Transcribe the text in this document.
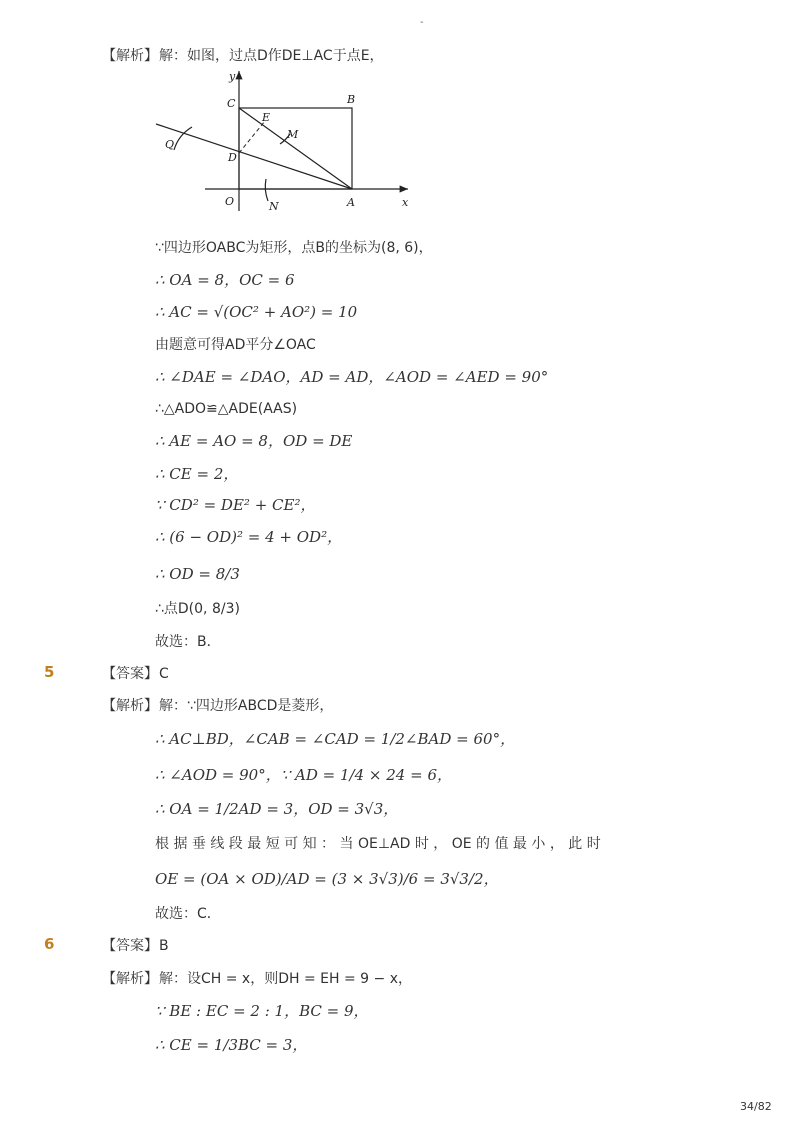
-
【解析】 解：如图，过点D作DE⊥AC于点E，
y
x
C	B
E
M
Q
D
O	N	A
∵四边形OABC为矩形，点B的坐标为(8, 6)，
∴ OA = 8，OC = 6
∴ AC = √(OC² + AO²) = 10
由题意可得AD平分∠OAC
∴ ∠DAE = ∠DAO，AD = AD，∠AOD = ∠AED = 90°
∴△ADO≌△ADE(AAS)
∴ AE = AO = 8，OD = DE
∴ CE = 2，
∵ CD² = DE² + CE²，
∴ (6 − OD)² = 4 + OD²，
∴ OD = 8/3
∴点D(0, 8/3)
故选：B．
5	【答案】 C
【解析】 解：∵四边形ABCD是菱形，
∴ AC⊥BD，∠CAB = ∠CAD = 1/2∠BAD = 60°，
∴ ∠AOD = 90°，∵ AD = 1/4 × 24 = 6，
∴ OA = 1/2AD = 3，OD = 3√3，
根 据 垂 线 段 最 短 可 知 ： 当 OE⊥AD 时 ， OE 的 值 最 小 ， 此 时
OE = (OA × OD)/AD = (3 × 3√3)/6 = 3√3/2，
故选：C．
6	【答案】 B
【解析】 解：设CH = x，则DH = EH = 9 − x，
∵ BE : EC = 2 : 1，BC = 9，
∴ CE = 1/3BC = 3，
34/82
